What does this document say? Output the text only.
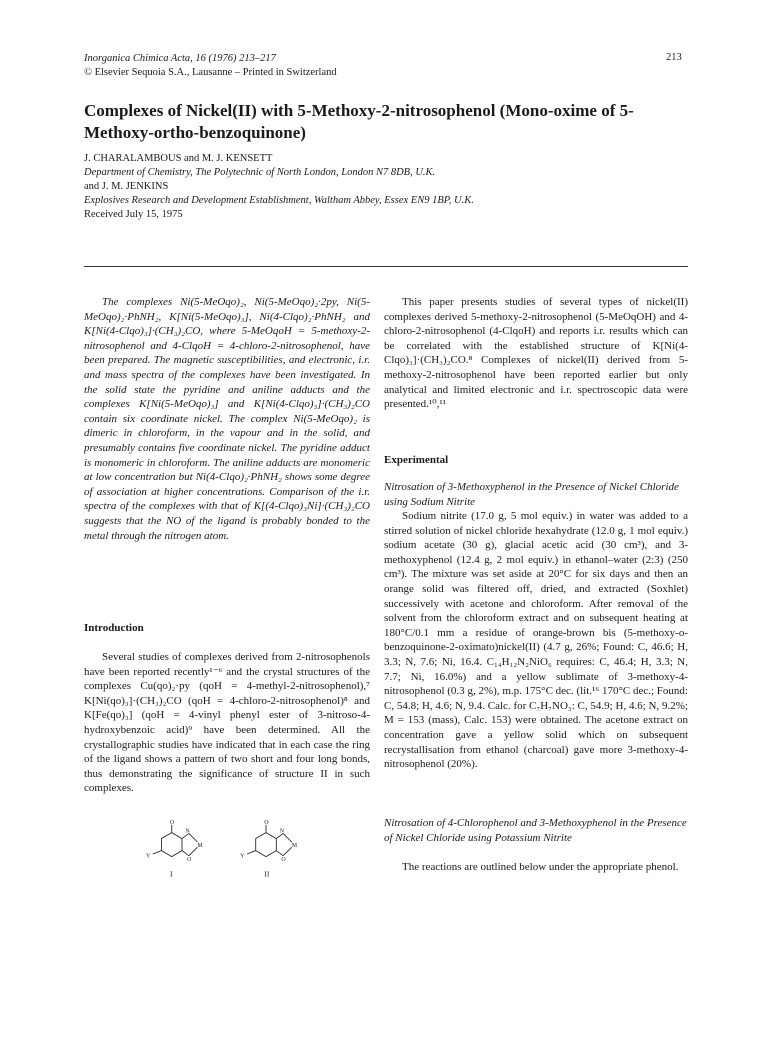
Inorganica Chimica Acta, 16 (1976) 213–217
© Elsevier Sequoia S.A., Lausanne – Printed in Switzerland
213
Complexes of Nickel(II) with 5-Methoxy-2-nitrosophenol (Mono-oxime of 5-Methoxy-ortho-benzoquinone)
J. CHARALAMBOUS and M. J. KENSETT
Department of Chemistry, The Polytechnic of North London, London N7 8DB, U.K.
and J. M. JENKINS
Explosives Research and Development Establishment, Waltham Abbey, Essex EN9 1BP, U.K.
Received July 15, 1975

The complexes Ni(5-MeOqo)₂, Ni(5-MeOqo)₂·2py, Ni(5-MeOqo)₂·PhNH₂, K[Ni(5-MeOqo)₃], Ni(4-Clqo)₂·PhNH₂ and K[Ni(4-Clqo)₃]·(CH₃)₂CO, where 5-MeOqoH = 5-methoxy-2-nitrosophenol and 4-ClqoH = 4-chloro-2-nitrosophenol, have been prepared. The magnetic susceptibilities, and electronic, i.r. and mass spectra of the complexes have been investigated. In the solid state the pyridine and aniline adducts and the complexes K[Ni(5-MeOqo)₃] and K[Ni(4-Clqo)₃]·(CH₃)₂CO contain six coordinate nickel. The complex Ni(5-MeOqo)₂ is dimeric in chloroform, in the vapour and in the solid, and presumably contains five coordinate nickel. The pyridine adduct is monomeric in chloroform. The aniline adducts are monomeric at low concentration but Ni(4-Clqo)₂·PhNH₂ shows some degree of association at higher concentrations. Comparison of the i.r. spectra of the complexes with that of K[(4-Clqo)₃Ni]·(CH₃)₂CO suggests that the NO of the ligand is probably bonded to the metal through the nitrogen atom.

Introduction

Several studies of complexes derived from 2-nitrosophenols have been reported recently¹⁻⁶ and the crystal structures of the complexes Cu(qo)₂·py (qoH = 4-methyl-2-nitrosophenol),⁷ K[Ni(qo)₃]·(CH₃)₂CO (qoH = 4-chloro-2-nitrosophenol)⁸ and K[Fe(qo)₃] (qoH = 4-vinyl phenyl ester of 3-nitroso-4-hydroxybenzoic acid)⁹ have been determined. All the crystallographic studies have indicated that in each case the ring of the ligand shows a pattern of two short and four long bonds, thus demonstrating the significance of structure II in such complexes.

O
N
O
M
Y
I
O
N
O
M
Y
II

This paper presents studies of several types of nickel(II) complexes derived 5-methoxy-2-nitrosophenol (5-MeOqOH) and 4-chloro-2-nitrosophenol (4-ClqoH) and reports i.r. results which can be correlated with the established structure of K[Ni(4-Clqo)₃]·(CH₃)₂CO.⁸ Complexes of nickel(II) derived from 5-methoxy-2-nitrosophenol have been reported earlier but only analytical and limited electronic and i.r. spectroscopic data were presented.¹⁰,¹¹

Experimental
Nitrosation of 3-Methoxyphenol in the Presence of Nickel Chloride using Sodium Nitrite

Sodium nitrite (17.0 g, 5 mol equiv.) in water was added to a stirred solution of nickel chloride hexahydrate (12.0 g, 1 mol equiv.) sodium acetate (30 g), glacial acetic acid (30 cm³), and 3-methoxyphenol (12.4 g, 2 mol equiv.) in ethanol–water (2:3) (250 cm³). The mixture was set aside at 20°C for six days and then an orange solid was filtered off, dried, and extracted (Soxhlet) successively with acetone and chloroform. After removal of the solvent from the chloroform extract and on subsequent heating at 180°C/0.1 mm a residue of orange-brown bis (5-methoxy-o-benzoquinone-2-oximato)nickel(II) (4.7 g, 26%; Found: C, 46.6; H, 3.3; N, 7.6; Ni, 16.4. C₁₄H₁₂N₂NiO₆ requires: C, 46.4; H, 3.3; N, 7.7; Ni, 16.0%) and a yellow sublimate of 3-methoxy-4-nitrosophenol (0.3 g, 2%), m.p. 175°C dec. (lit.¹⁶ 170°C dec.; Found: C, 54.8; H, 4.6; N, 9.4. Calc. for C₇H₇NO₃: C, 54.9; H, 4.6; N, 9.2%; M = 153 (mass), Calc. 153) were obtained. The acetone extract on concentration gave a yellow solid which on subsequent recrystallisation from ethanol (charcoal) gave more 3-methoxy-4-nitrosophenol (20%).

Nitrosation of 4-Chlorophenol and 3-Methoxyphenol in the Presence of Nickel Chloride using Potassium Nitrite

The reactions are outlined below under the appropriate phenol.
